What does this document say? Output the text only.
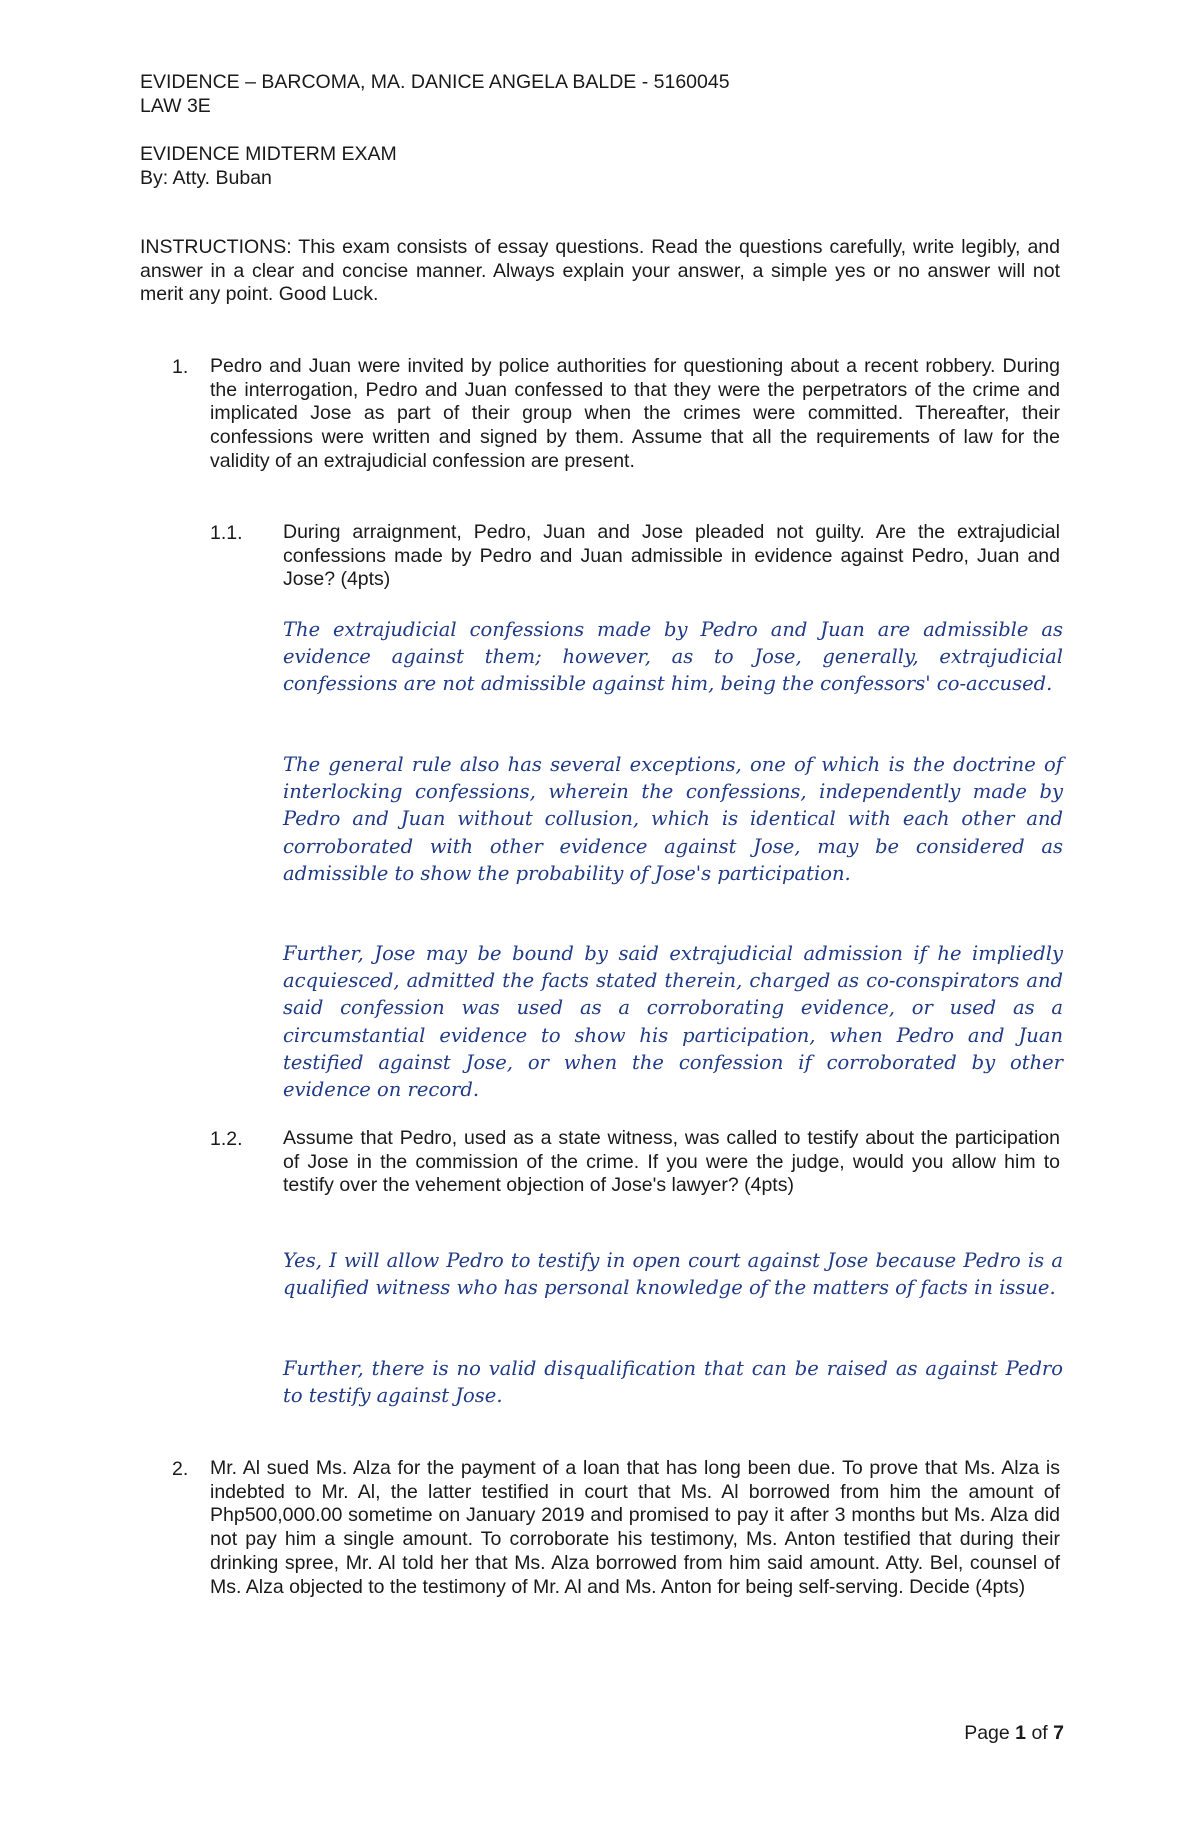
EVIDENCE – BARCOMA, MA. DANICE ANGELA BALDE - 5160045
LAW 3E
EVIDENCE MIDTERM EXAM
By: Atty. Buban
INSTRUCTIONS: This exam consists of essay questions. Read the questions carefully, write legibly, and answer in a clear and concise manner. Always explain your answer, a simple yes or no answer will not merit any point. Good Luck.
1. Pedro and Juan were invited by police authorities for questioning about a recent robbery. During the interrogation, Pedro and Juan confessed to that they were the perpetrators of the crime and implicated Jose as part of their group when the crimes were committed. Thereafter, their confessions were written and signed by them. Assume that all the requirements of law for the validity of an extrajudicial confession are present.
1.1. During arraignment, Pedro, Juan and Jose pleaded not guilty. Are the extrajudicial confessions made by Pedro and Juan admissible in evidence against Pedro, Juan and Jose? (4pts)
The extrajudicial confessions made by Pedro and Juan are admissible as evidence against them; however, as to Jose, generally, extrajudicial confessions are not admissible against him, being the confessors' co-accused.
The general rule also has several exceptions, one of which is the doctrine of interlocking confessions, wherein the confessions, independently made by Pedro and Juan without collusion, which is identical with each other and corroborated with other evidence against Jose, may be considered as admissible to show the probability of Jose's participation.
Further, Jose may be bound by said extrajudicial admission if he impliedly acquiesced, admitted the facts stated therein, charged as co-conspirators and said confession was used as a corroborating evidence, or used as a circumstantial evidence to show his participation, when Pedro and Juan testified against Jose, or when the confession if corroborated by other evidence on record.
1.2. Assume that Pedro, used as a state witness, was called to testify about the participation of Jose in the commission of the crime. If you were the judge, would you allow him to testify over the vehement objection of Jose's lawyer? (4pts)
Yes, I will allow Pedro to testify in open court against Jose because Pedro is a qualified witness who has personal knowledge of the matters of facts in issue.
Further, there is no valid disqualification that can be raised as against Pedro to testify against Jose.
2. Mr. Al sued Ms. Alza for the payment of a loan that has long been due. To prove that Ms. Alza is indebted to Mr. Al, the latter testified in court that Ms. Al borrowed from him the amount of Php500,000.00 sometime on January 2019 and promised to pay it after 3 months but Ms. Alza did not pay him a single amount. To corroborate his testimony, Ms. Anton testified that during their drinking spree, Mr. Al told her that Ms. Alza borrowed from him said amount. Atty. Bel, counsel of Ms. Alza objected to the testimony of Mr. Al and Ms. Anton for being self-serving. Decide (4pts)
Page 1 of 7
